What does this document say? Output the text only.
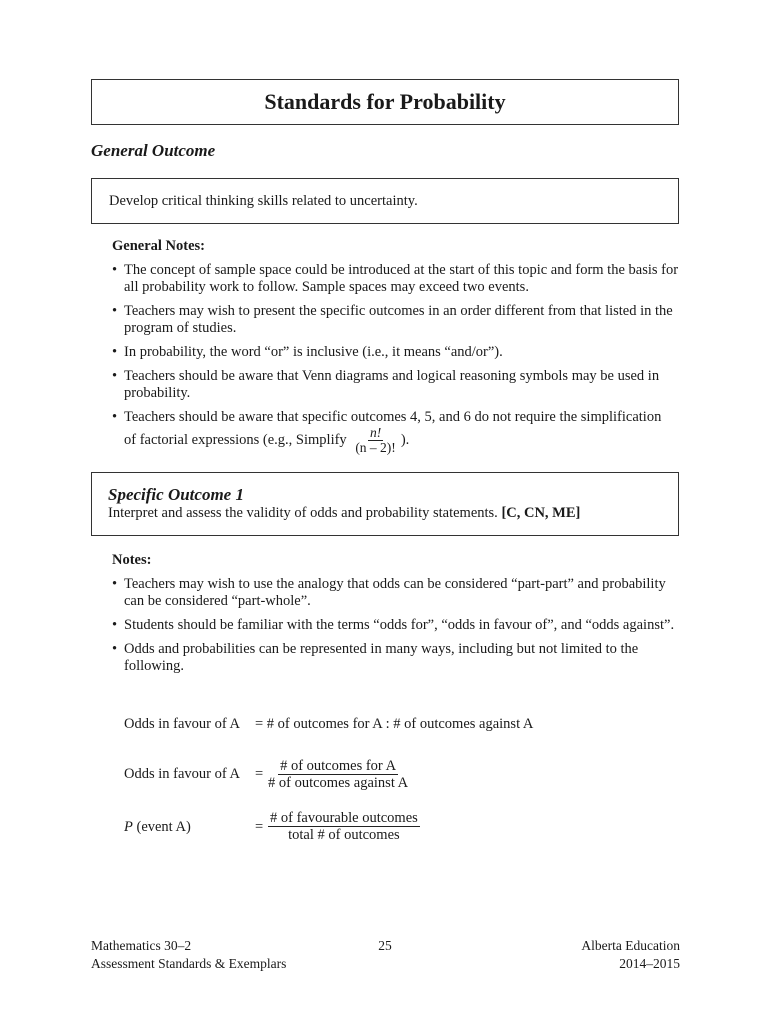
Standards for Probability
General Outcome
Develop critical thinking skills related to uncertainty.
General Notes:
• The concept of sample space could be introduced at the start of this topic and form the basis for all probability work to follow. Sample spaces may exceed two events.
• Teachers may wish to present the specific outcomes in an order different from that listed in the program of studies.
• In probability, the word “or” is inclusive (i.e., it means “and/or”).
• Teachers should be aware that Venn diagrams and logical reasoning symbols may be used in probability.
• Teachers should be aware that specific outcomes 4, 5, and 6 do not require the simplification
of factorial expressions (e.g., Simplify $\frac{n!}{(n - 2)!}$ ).
Specific Outcome 1
Interpret and assess the validity of odds and probability statements. [C, CN, ME]
Notes:
• Teachers may wish to use the analogy that odds can be considered “part-part” and probability can be considered “part-whole”.
• Students should be familiar with the terms “odds for”, “odds in favour of”, and “odds against”.
• Odds and probabilities can be represented in many ways, including but not limited to the following.
Odds in favour of A = # of outcomes for A : # of outcomes against A
Odds in favour of A = # of outcomes for A
# of outcomes against A
P (event A)	=
# of favourable outcomes
total # of outcomes
Mathematics 30–2
Assessment Standards & Exemplars
25	Alberta Education
2014–2015
